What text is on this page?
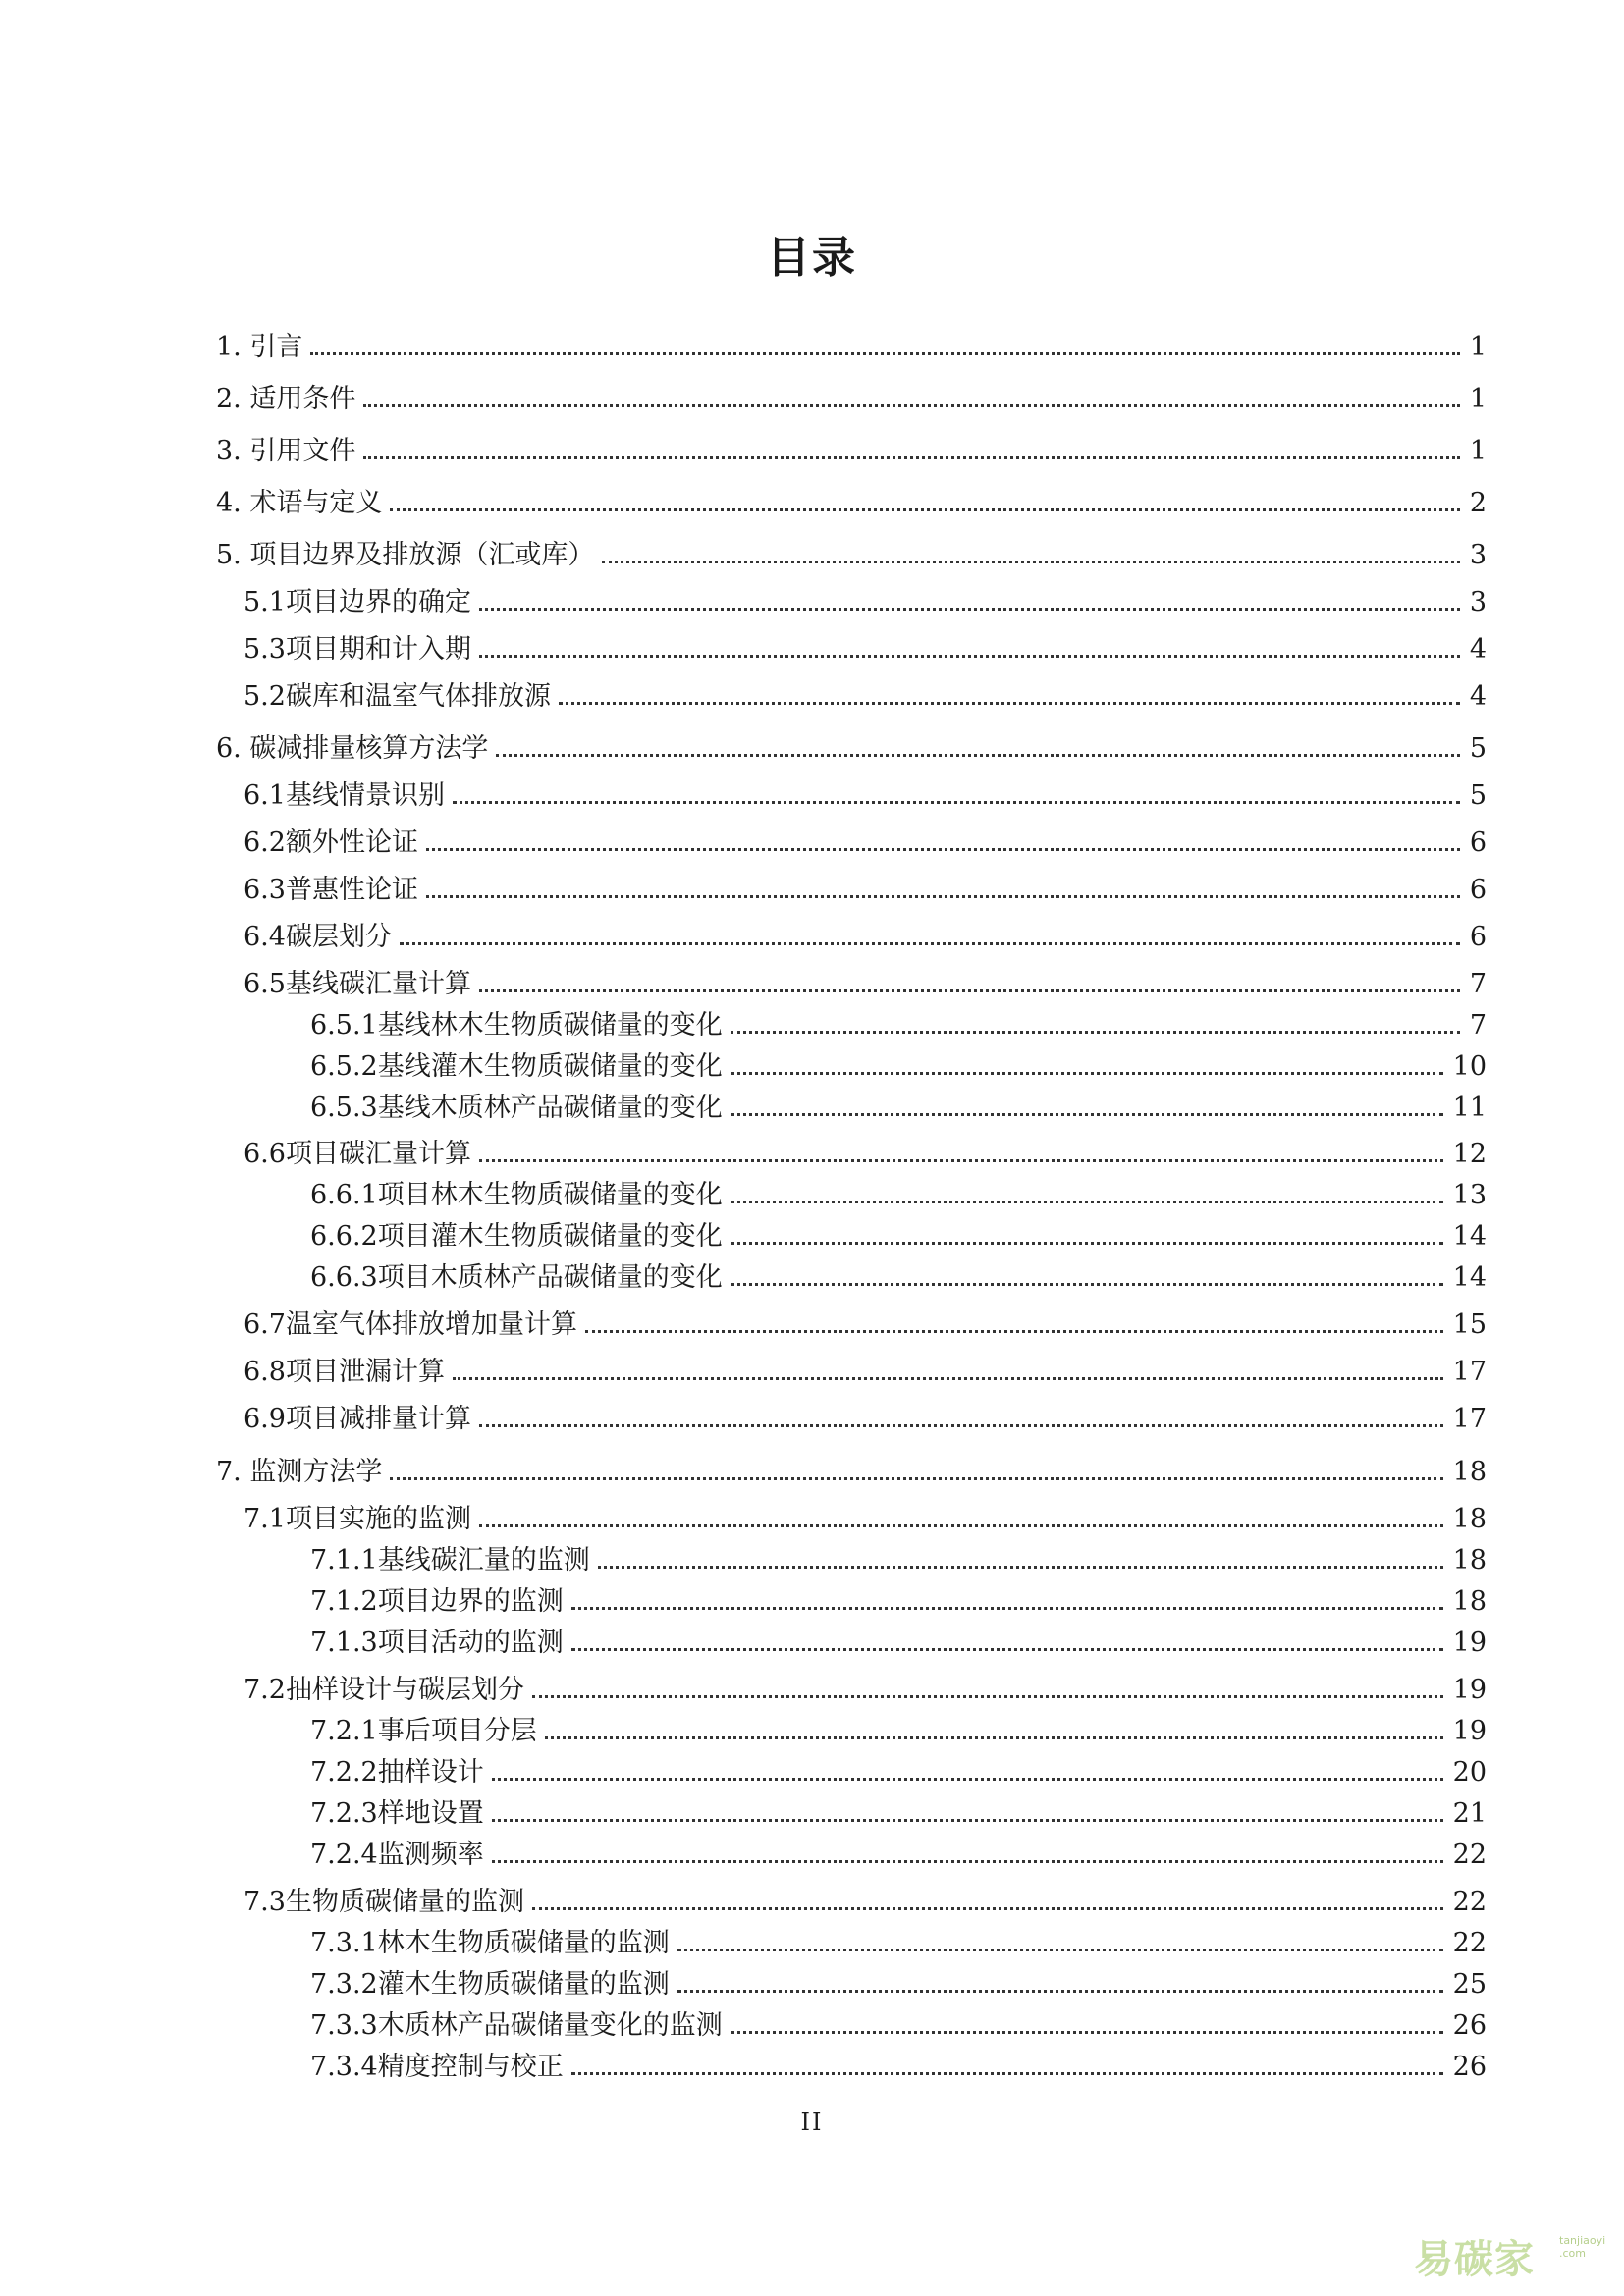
目录
1. 引言	1
2. 适用条件	1
3. 引用文件	1
4. 术语与定义	2
5. 项目边界及排放源（汇或库）	3
5.1项目边界的确定	3
5.3项目期和计入期	4
5.2碳库和温室气体排放源	4
6. 碳减排量核算方法学	5
6.1基线情景识别	5
6.2额外性论证	6
6.3普惠性论证	6
6.4碳层划分	6
6.5基线碳汇量计算	7
6.5.1基线林木生物质碳储量的变化	7
6.5.2基线灌木生物质碳储量的变化	10
6.5.3基线木质林产品碳储量的变化	11
6.6项目碳汇量计算	12
6.6.1项目林木生物质碳储量的变化	13
6.6.2项目灌木生物质碳储量的变化	14
6.6.3项目木质林产品碳储量的变化	14
6.7温室气体排放增加量计算	15
6.8项目泄漏计算	17
6.9项目减排量计算	17
7. 监测方法学	18
7.1项目实施的监测	18
7.1.1基线碳汇量的监测	18
7.1.2项目边界的监测	18
7.1.3项目活动的监测	19
7.2抽样设计与碳层划分	19
7.2.1事后项目分层	19
7.2.2抽样设计	20
7.2.3样地设置	21
7.2.4监测频率	22
7.3生物质碳储量的监测	22
7.3.1林木生物质碳储量的监测	22
7.3.2灌木生物质碳储量的监测	25
7.3.3木质林产品碳储量变化的监测	26
7.3.4精度控制与校正	26
II
易碳家 tanjiaoyi
.com
